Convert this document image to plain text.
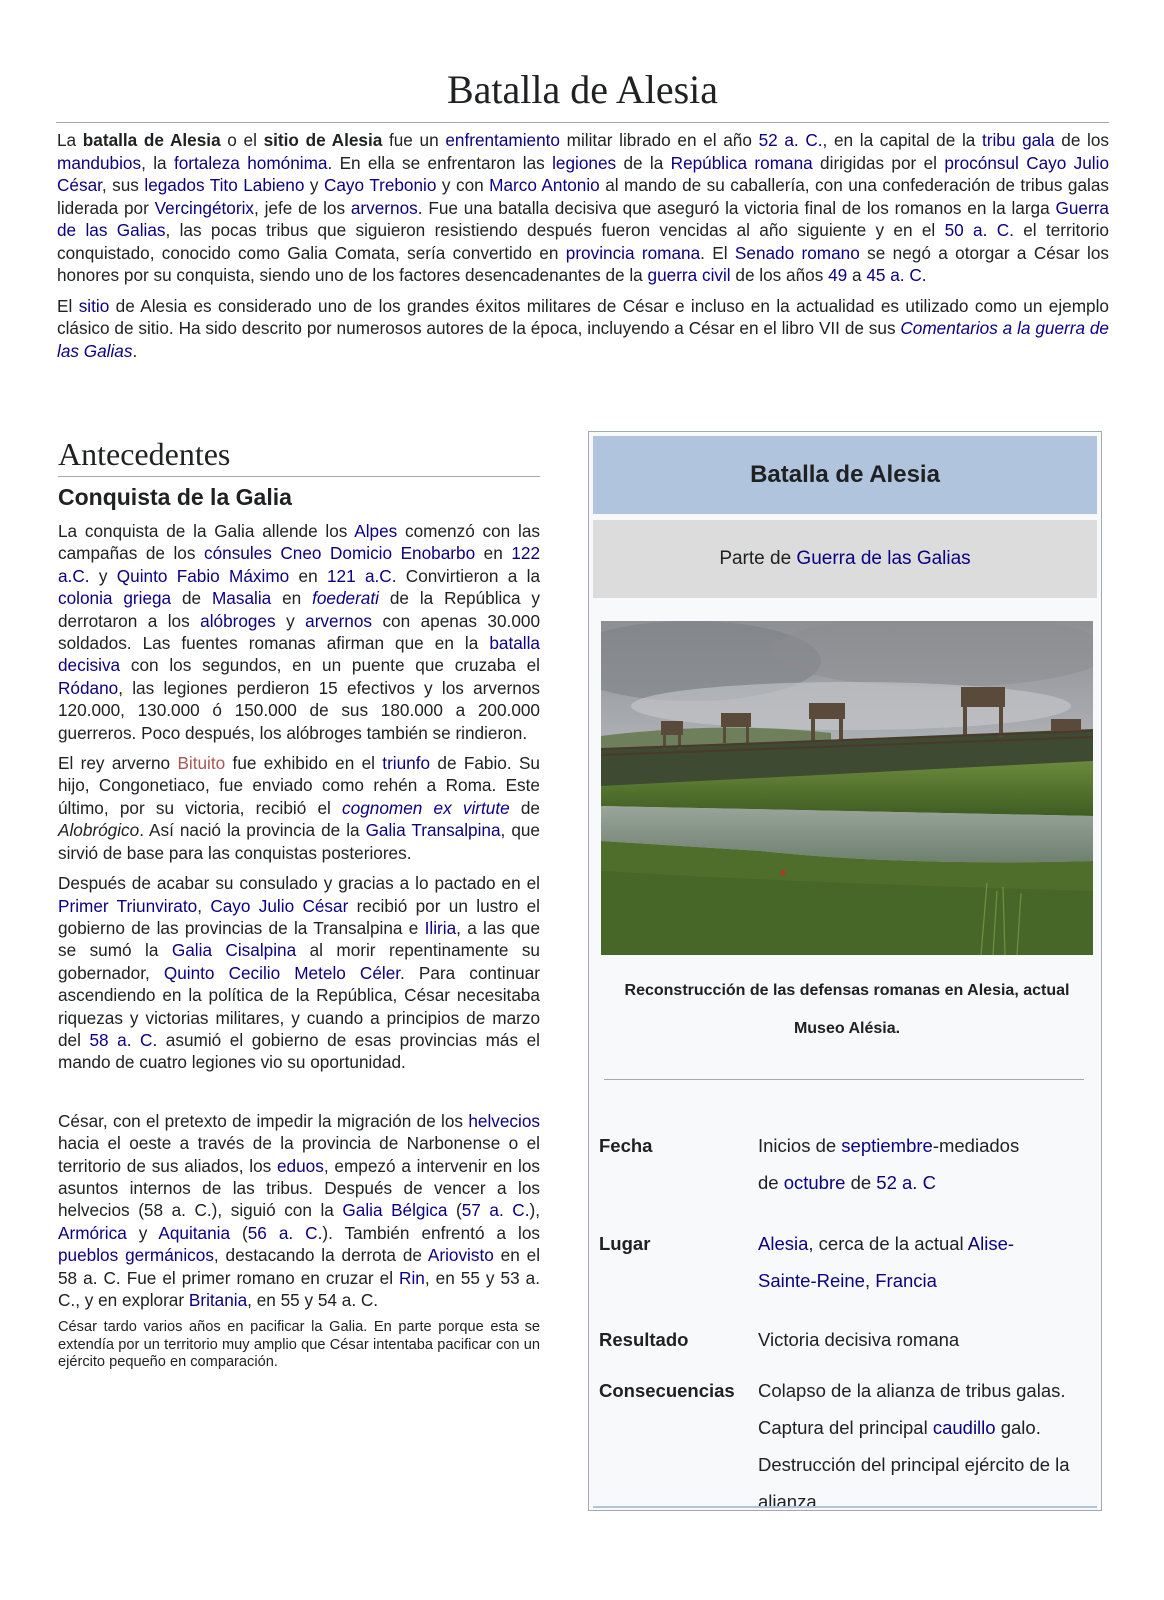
Batalla de Alesia

La batalla de Alesia o el sitio de Alesia fue un enfrentamiento militar librado en el año 52 a. C., en la capital de la tribu gala de los mandubios, la fortaleza homónima. En ella se enfrentaron las legiones de la República romana dirigidas por el procónsul Cayo Julio César, sus legados Tito Labieno y Cayo Trebonio y con Marco Antonio al mando de su caballería, con una confederación de tribus galas liderada por Vercingétorix, jefe de los arvernos. Fue una batalla decisiva que aseguró la victoria final de los romanos en la larga Guerra de las Galias, las pocas tribus que siguieron resistiendo después fueron vencidas al año siguiente y en el 50 a. C. el territorio conquistado, conocido como Galia Comata, sería convertido en provincia romana. El Senado romano se negó a otorgar a César los honores por su conquista, siendo uno de los factores desencadenantes de la guerra civil de los años 49 a 45 a. C.

El sitio de Alesia es considerado uno de los grandes éxitos militares de César e incluso en la actualidad es utilizado como un ejemplo clásico de sitio. Ha sido descrito por numerosos autores de la época, incluyendo a César en el libro VII de sus Comentarios a la guerra de las Galias.

Antecedentes
Conquista de la Galia

La conquista de la Galia allende los Alpes comenzó con las campañas de los cónsules Cneo Domicio Enobarbo en 122 a.C. y Quinto Fabio Máximo en 121 a.C. Convirtieron a la colonia griega de Masalia en foederati de la República y derrotaron a los alóbroges y arvernos con apenas 30.000 soldados. Las fuentes romanas afirman que en la batalla decisiva con los segundos, en un puente que cruzaba el Ródano, las legiones perdieron 15 efectivos y los arvernos 120.000, 130.000 ó 150.000 de sus 180.000 a 200.000 guerreros. Poco después, los alóbroges también se rindieron.

El rey arverno Bituito fue exhibido en el triunfo de Fabio. Su hijo, Congonetiaco, fue enviado como rehén a Roma. Este último, por su victoria, recibió el cognomen ex virtute de Alobrógico. Así nació la provincia de la Galia Transalpina, que sirvió de base para las conquistas posteriores.

Después de acabar su consulado y gracias a lo pactado en el Primer Triunvirato, Cayo Julio César recibió por un lustro el gobierno de las provincias de la Transalpina e Iliria, a las que se sumó la Galia Cisalpina al morir repentinamente su gobernador, Quinto Cecilio Metelo Céler. Para continuar ascendiendo en la política de la República, César necesitaba riquezas y victorias militares, y cuando a principios de marzo del 58 a. C. asumió el gobierno de esas provincias más el mando de cuatro legiones vio su oportunidad.

César, con el pretexto de impedir la migración de los helvecios hacia el oeste a través de la provincia de Narbonense o el territorio de sus aliados, los eduos, empezó a intervenir en los asuntos internos de las tribus. Después de vencer a los helvecios (58 a. C.), siguió con la Galia Bélgica (57 a. C.), Armórica y Aquitania (56 a. C.). También enfrentó a los pueblos germánicos, destacando la derrota de Ariovisto en el 58 a. C. Fue el primer romano en cruzar el Rin, en 55 y 53 a. C., y en explorar Britania, en 55 y 54 a. C.

César tardo varios años en pacificar la Galia. En parte porque esta se extendía por un territorio muy amplio que César intentaba pacificar con un ejército pequeño en comparación.

Batalla de Alesia
Parte de Guerra de las Galias
Reconstrucción de las defensas romanas en Alesia, actual Museo Alésia.
Fecha	Inicios de septiembre-mediados
de octubre de 52 a. C
Lugar	Alesia, cerca de la actual Alise-
Sainte-Reine, Francia
Resultado	Victoria decisiva romana
Consecuencias	Colapso de la alianza de tribus galas.
Captura del principal caudillo galo.
Destrucción del principal ejército de la
alianza.
